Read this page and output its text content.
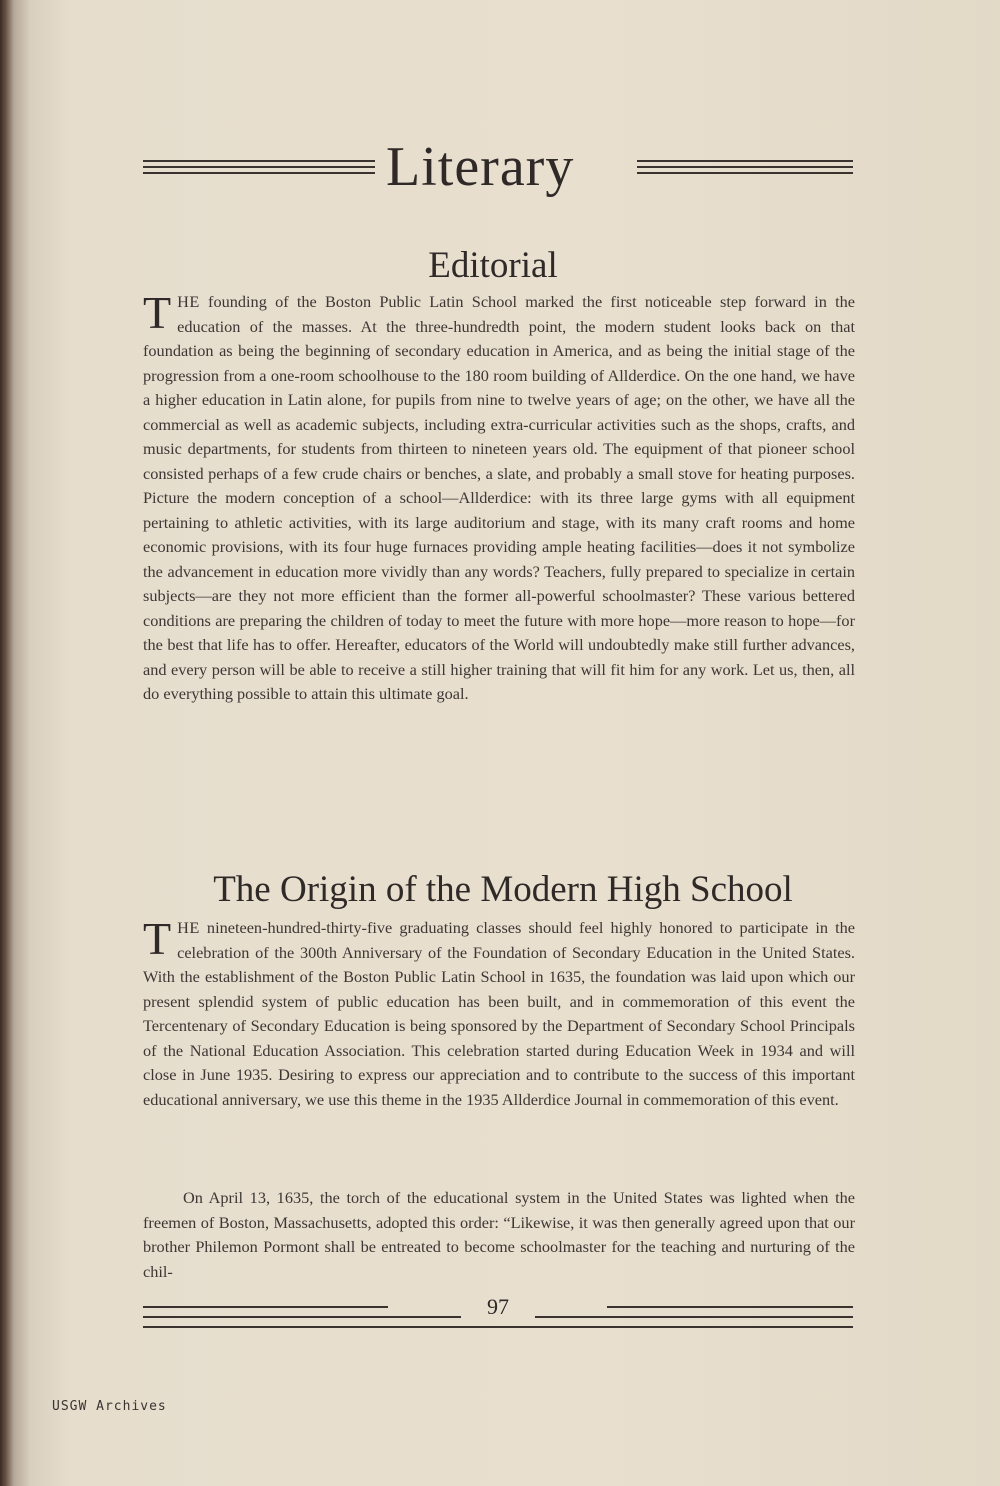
Literary
Editorial

THE founding of the Boston Public Latin School marked the first noticeable step forward in the education of the masses. At the three-hundredth point, the modern student looks back on that foundation as being the beginning of secondary education in America, and as being the initial stage of the progression from a one-room schoolhouse to the 180 room building of Allderdice. On the one hand, we have a higher education in Latin alone, for pupils from nine to twelve years of age; on the other, we have all the commercial as well as academic subjects, including extra-curricular activities such as the shops, crafts, and music departments, for students from thirteen to nineteen years old. The equipment of that pioneer school consisted perhaps of a few crude chairs or benches, a slate, and probably a small stove for heating purposes. Picture the modern conception of a school—Allderdice: with its three large gyms with all equipment pertaining to athletic activities, with its large auditorium and stage, with its many craft rooms and home economic provisions, with its four huge furnaces providing ample heating facilities—does it not symbolize the advancement in education more vividly than any words? Teachers, fully prepared to specialize in certain subjects—are they not more efficient than the former all-powerful schoolmaster? These various bettered conditions are preparing the children of today to meet the future with more hope—more reason to hope—for the best that life has to offer. Hereafter, educators of the World will undoubtedly make still further advances, and every person will be able to receive a still higher training that will fit him for any work. Let us, then, all do everything possible to attain this ultimate goal.

The Origin of the Modern High School

THE nineteen-hundred-thirty-five graduating classes should feel highly honored to participate in the celebration of the 300th Anniversary of the Foundation of Secondary Education in the United States. With the establishment of the Boston Public Latin School in 1635, the foundation was laid upon which our present splendid system of public education has been built, and in commemoration of this event the Tercentenary of Secondary Education is being sponsored by the Department of Secondary School Principals of the National Education Association. This celebration started during Education Week in 1934 and will close in June 1935. Desiring to express our appreciation and to contribute to the success of this important educational anniversary, we use this theme in the 1935 Allderdice Journal in commemoration of this event.

On April 13, 1635, the torch of the educational system in the United States was lighted when the freemen of Boston, Massachusetts, adopted this order: “Likewise, it was then generally agreed upon that our brother Philemon Pormont shall be entreated to become schoolmaster for the teaching and nurturing of the chil-

97
USGW Archives
